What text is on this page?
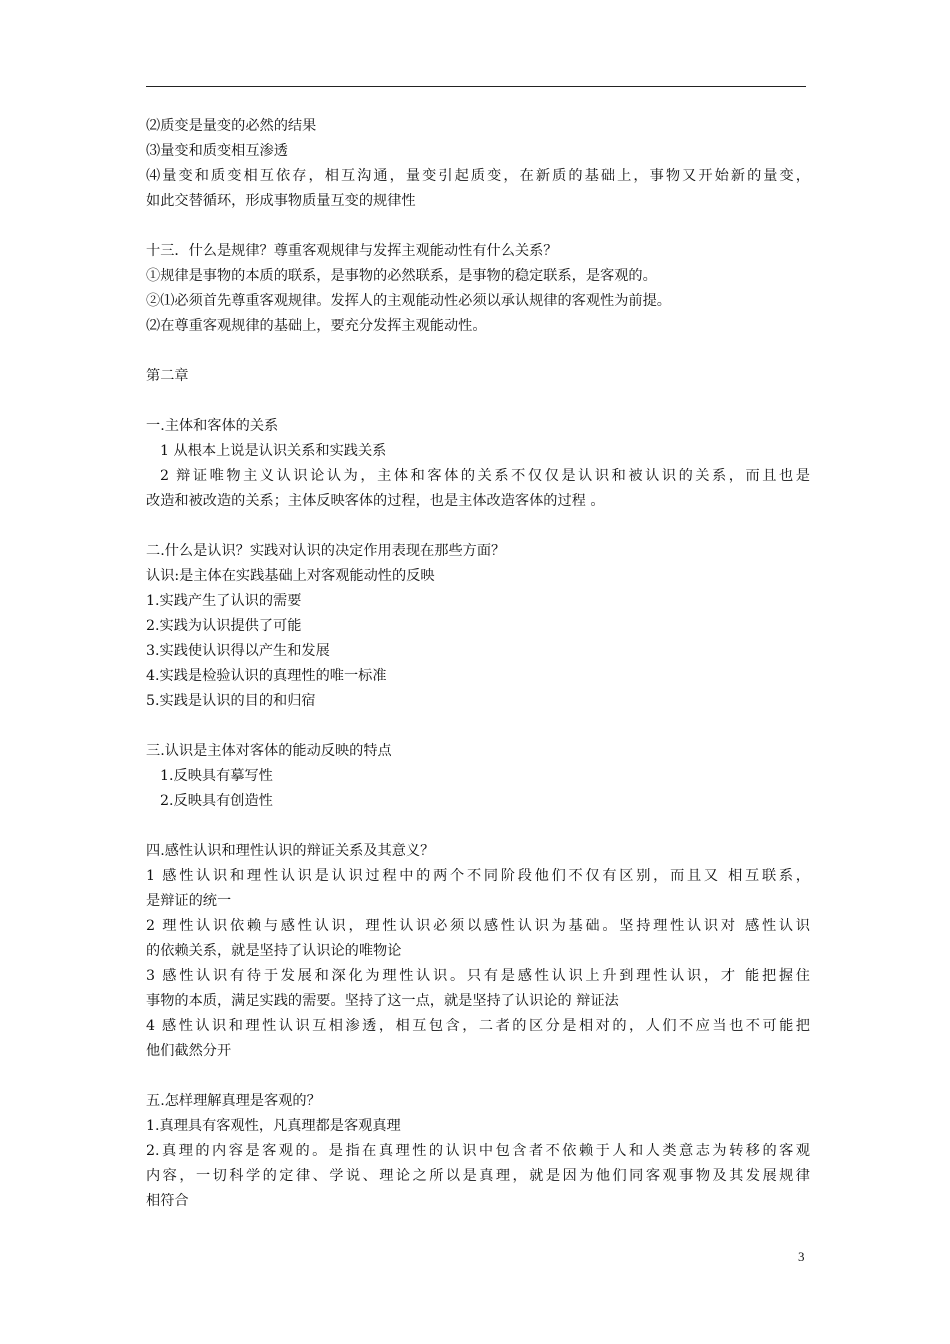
⑵质变是量变的必然的结果
⑶量变和质变相互渗透
⑷量变和质变相互依存，相互沟通，量变引起质变，在新质的基础上，事物又开始新的量变，
如此交替循环，形成事物质量互变的规律性
十三．什么是规律？尊重客观规律与发挥主观能动性有什么关系？
①规律是事物的本质的联系，是事物的必然联系，是事物的稳定联系，是客观的。
②⑴必须首先尊重客观规律。发挥人的主观能动性必须以承认规律的客观性为前提。
⑵在尊重客观规律的基础上，要充分发挥主观能动性。
第二章
一.主体和客体的关系
1 从根本上说是认识关系和实践关系
2 辩证唯物主义认识论认为，主体和客体的关系不仅仅是认识和被认识的关系，而且也是
改造和被改造的关系；主体反映客体的过程，也是主体改造客体的过程 。
二.什么是认识？实践对认识的决定作用表现在那些方面？
认识:是主体在实践基础上对客观能动性的反映
1.实践产生了认识的需要
2.实践为认识提供了可能
3.实践使认识得以产生和发展
4.实践是检验认识的真理性的唯一标准
5.实践是认识的目的和归宿
三.认识是主体对客体的能动反映的特点
1.反映具有摹写性
2.反映具有创造性
四.感性认识和理性认识的辩证关系及其意义？
1 感性认识和理性认识是认识过程中的两个不同阶段他们不仅有区别，而且又 相互联系，
是辩证的统一
2 理性认识依赖与感性认识，理性认识必须以感性认识为基础。坚持理性认识对 感性认识
的依赖关系，就是坚持了认识论的唯物论
3 感性认识有待于发展和深化为理性认识。只有是感性认识上升到理性认识，才 能把握住
事物的本质，满足实践的需要。坚持了这一点，就是坚持了认识论的 辩证法
4 感性认识和理性认识互相渗透，相互包含，二者的区分是相对的，人们不应当也不可能把
他们截然分开
五.怎样理解真理是客观的？
1.真理具有客观性，凡真理都是客观真理
2.真理的内容是客观的。是指在真理性的认识中包含者不依赖于人和人类意志为转移的客观
内容，一切科学的定律、学说、理论之所以是真理，就是因为他们同客观事物及其发展规律
相符合
3
